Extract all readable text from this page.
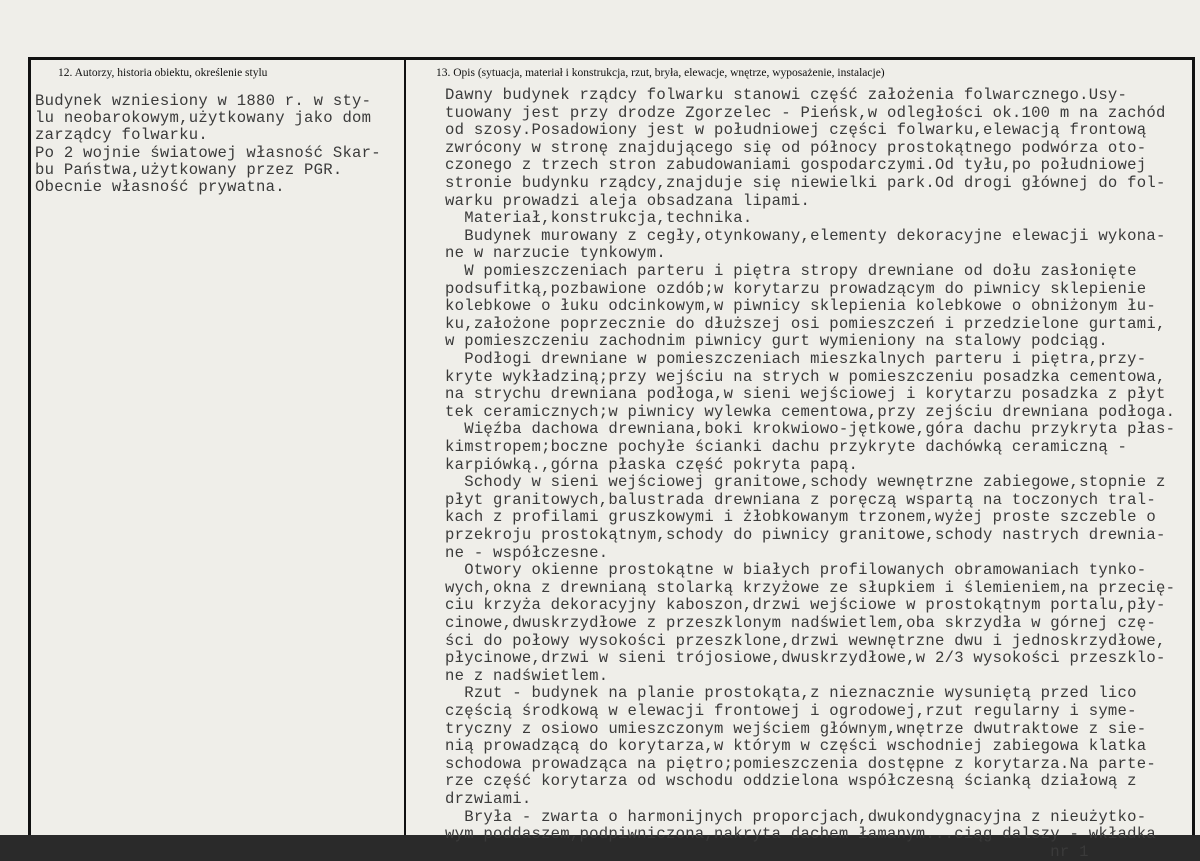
12. Autorzy, historia obiektu, określenie stylu	13. Opis (sytuacja, materiał i konstrukcja, rzut, bryła, elewacje, wnętrze, wyposażenie, instalacje)
Budynek wzniesiony w 1880 r. w sty-
lu neobarokowym,użytkowany jako dom
zarządcy folwarku.
Po 2 wojnie światowej własność Skar-
bu Państwa,użytkowany przez PGR.
Obecnie własność prywatna.
Dawny budynek rządcy folwarku stanowi część założenia folwarcznego.Usy-
tuowany jest przy drodze Zgorzelec - Pieńsk,w odległości ok.100 m na zachód
od szosy.Posadowiony jest w południowej części folwarku,elewacją frontową
zwrócony w stronę znajdującego się od północy prostokątnego podwórza oto-
czonego z trzech stron zabudowaniami gospodarczymi.Od tyłu,po południowej
stronie budynku rządcy,znajduje się niewielki park.Od drogi głównej do fol-
warku prowadzi aleja obsadzana lipami.
Materiał,konstrukcja,technika.
Budynek murowany z cegły,otynkowany,elementy dekoracyjne elewacji wykona-
ne w narzucie tynkowym.
W pomieszczeniach parteru i piętra stropy drewniane od dołu zasłonięte
podsufitką,pozbawione ozdób;w korytarzu prowadzącym do piwnicy sklepienie
kolebkowe o łuku odcinkowym,w piwnicy sklepienia kolebkowe o obniżonym łu-
ku,założone poprzecznie do dłuższej osi pomieszczeń i przedzielone gurtami,
w pomieszczeniu zachodnim piwnicy gurt wymieniony na stalowy podciąg.
Podłogi drewniane w pomieszczeniach mieszkalnych parteru i piętra,przy-
kryte wykładziną;przy wejściu na strych w pomieszczeniu posadzka cementowa,
na strychu drewniana podłoga,w sieni wejściowej i korytarzu posadzka z płyt
tek ceramicznych;w piwnicy wylewka cementowa,przy zejściu drewniana podłoga.
Więźba dachowa drewniana,boki krokwiowo-jętkowe,góra dachu przykryta płas-
kimstropem;boczne pochyłe ścianki dachu przykryte dachówką ceramiczną -
karpiówką.,górna płaska część pokryta papą.
Schody w sieni wejściowej granitowe,schody wewnętrzne zabiegowe,stopnie z
płyt granitowych,balustrada drewniana z poręczą wspartą na toczonych tral-
kach z profilami gruszkowymi i żłobkowanym trzonem,wyżej proste szczeble o
przekroju prostokątnym,schody do piwnicy granitowe,schody nastrych drewnia-
ne - współczesne.
Otwory okienne prostokątne w białych profilowanych obramowaniach tynko-
wych,okna z drewnianą stolarką krzyżowe ze słupkiem i ślemieniem,na przecię-
ciu krzyża dekoracyjny kaboszon,drzwi wejściowe w prostokątnym portalu,pły-
cinowe,dwuskrzydłowe z przeszklonym nadświetlem,oba skrzydła w górnej czę-
ści do połowy wysokości przeszklone,drzwi wewnętrzne dwu i jednoskrzydłowe,
płycinowe,drzwi w sieni trójosiowe,dwuskrzydłowe,w 2/3 wysokości przeszklo-
ne z nadświetlem.
Rzut - budynek na planie prostokąta,z nieznacznie wysuniętą przed lico
częścią środkową w elewacji frontowej i ogrodowej,rzut regularny i syme-
tryczny z osiowo umieszczonym wejściem głównym,wnętrze dwutraktowe z sie-
nią prowadzącą do korytarza,w którym w części wschodniej zabiegowa klatka
schodowa prowadząca na piętro;pomieszczenia dostępne z korytarza.Na parte-
rze część korytarza od wschodu oddzielona współczesną ścianką działową z
drzwiami.
Bryła - zwarta o harmonijnych proporcjach,dwukondygnacyjna z nieużytko-
wym poddaszem,podpiwniczona,nakryta dachem łamanym...ciąg dalszy - wkładka
nr 1
